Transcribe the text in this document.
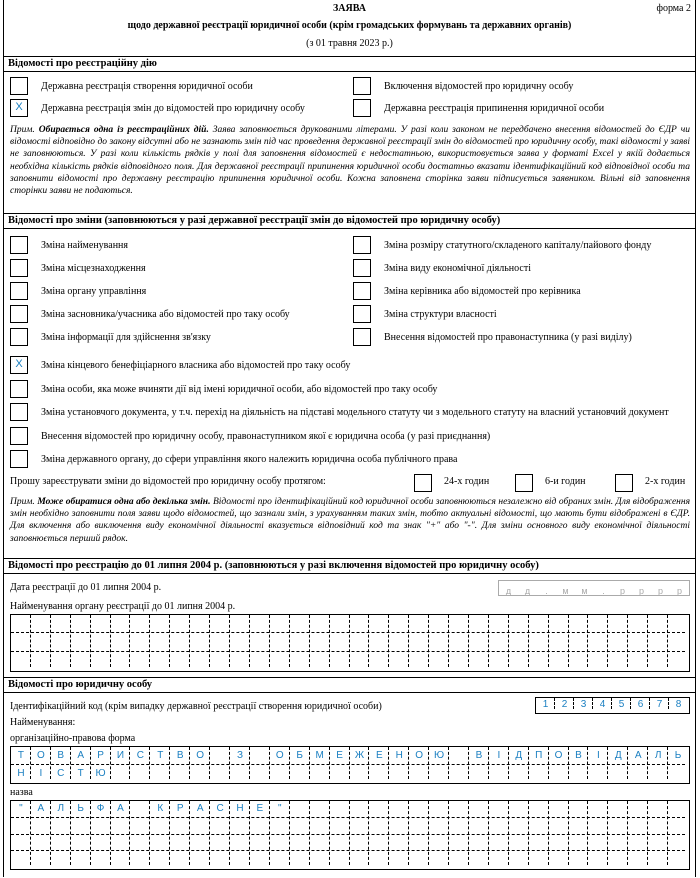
ЗАЯВА	форма 2
щодо державної реєстрації юридичної особи (крім громадських формувань та державних органів)
(з 01 травня 2023 р.)
Відомості про реєстраційну дію
Державна реєстрація створення юридичної особи	Включення відомостей про юридичну особу
X	Державна реєстрація змін до відомостей про юридичну особу	Державна реєстрація припинення юридичної особи
Прим. Обирається одна із реєстраційних дій. Заява заповнюється друкованими літерами. У разі коли законом не передбачено внесення відомостей до ЄДР чи відомості відповідно до закону відсутні або не зазнають змін під час проведення державної реєстрації змін до відомостей про юридичну особу, такі відомості у заяві не заповнюються. У разі коли кількість рядків у полі для заповнення відомостей є недостатньою, використовується заява у форматі Excel у якій додається необхідна кількість рядків відповідного поля. Для державної реєстрації припинення юридичної особи достатньо вказати ідентифікаційний код відповідної особи та заповнити відомості про державну реєстрацію припинення юридичної особи. Кожна заповнена сторінка заяви підписується заявником. Вільні від заповнення сторінки заяви не подаються.
Відомості про зміни (заповнюються у разі державної реєстрації змін до відомостей про юридичну особу)
Прошу зареєструвати зміни до відомостей про юридичну особу протягом:	24-х годин	6-и годин	2-х годин
Прим. Може обиратися одна або декілька змін. Відомості про ідентифікаційний код юридичної особи заповнюються незалежно від обраних змін. Для відображення змін необхідно заповнити поля заяви щодо відомостей, що зазнали змін, з урахуванням таких змін, тобто актуальні відомості, що мають бути відображені в ЄДР. Для включення або виключення виду економічної діяльності вказується відповідний код та знак "+" або "-". Для зміни основного виду економічної діяльності заповнюється перший рядок.
Відомості про реєстрацію до 01 липня 2004 р. (заповнюються у разі включення відомостей про юридичну особу)
Дата реєстрації до 01 липня 2004 р.	д д . м м . р р р р
Найменування органу реєстрації до 01 липня 2004 р.
Відомості про юридичну особу
Ідентифікаційний код (крім випадку державної реєстрації створення юридичної особи)	1	2	3	4	5	6	7	8
Найменування:
організаційно-правова форма
Т	О	В	А	Р	И	С	Т	В	О	З	О	Б	М	Е	Ж	Е	Н	О	Ю	В	І	Д	П	О	В	І	Д	А	Л	Ь
Н	І	С	Т	Ю
назва
"	А	Л	Ь	Ф	А	К	Р	А	С	Н	Е	"
Зміна найменування	Зміна розміру статутного/складеного капіталу/пайового фонду
Зміна місцезнаходження	Зміна виду економічної діяльності
Зміна органу управління	Зміна керівника або відомостей про керівника
Зміна засновника/учасника або відомостей про таку особу	Зміна структури власності
Зміна інформації для здійснення зв'язку	Внесення відомостей про правонаступника (у разі виділу)
X	Зміна кінцевого бенефіціарного власника або відомостей про таку особу
Зміна особи, яка може вчиняти дії від імені юридичної особи, або відомостей про таку особу
Зміна установчого документа, у т.ч. перехід на діяльність на підставі модельного статуту чи з модельного статуту на власний установчий документ
Внесення відомостей про юридичну особу, правонаступником якої є юридична особа (у разі приєднання)
Зміна державного органу, до сфери управління якого належить юридична особа публічного права
